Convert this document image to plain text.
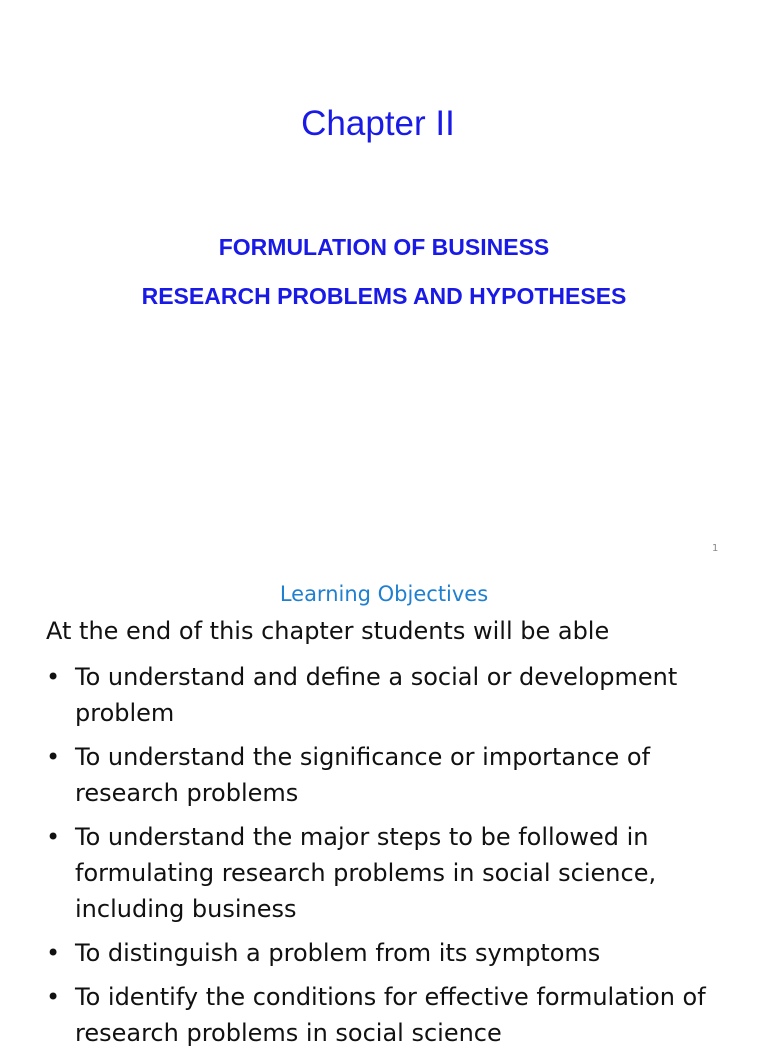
Chapter II
FORMULATION OF BUSINESS
RESEARCH PROBLEMS AND HYPOTHESES
1
Learning Objectives
At the end of this chapter students will be able
• To understand and define a social or development problem
• To understand the significance or importance of research problems
• To understand the major steps to be followed in formulating research problems in social science, including business
• To distinguish a problem from its symptoms
• To identify the conditions for effective formulation of research problems in social science
